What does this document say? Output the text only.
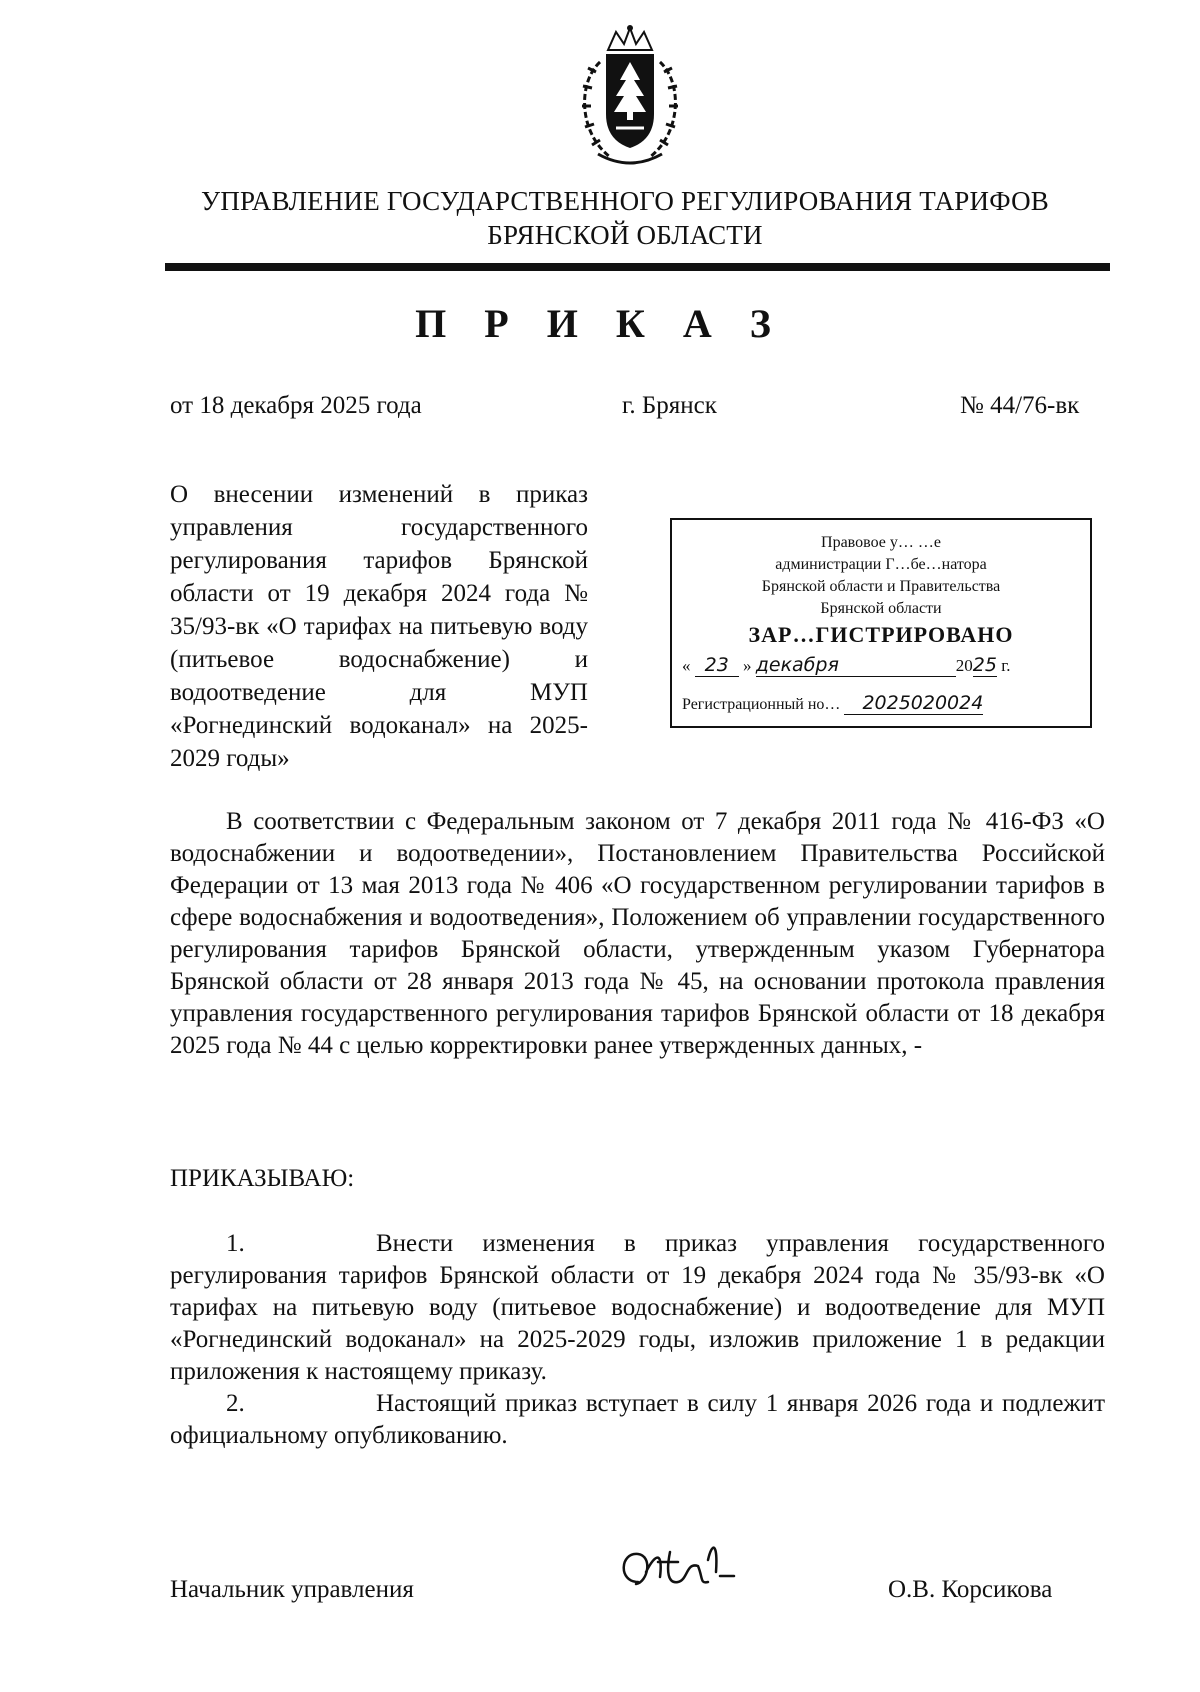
УПРАВЛЕНИЕ ГОСУДАРСТВЕННОГО РЕГУЛИРОВАНИЯ ТАРИФОВ
БРЯНСКОЙ ОБЛАСТИ
П Р И К А З
от 18 декабря 2025 года	г. Брянск	№ 44/76-вк
О внесении изменений в приказ управления государственного регулирования тарифов Брянской области от 19 декабря 2024 года № 35/93-вк «О тарифах на питьевую воду (питьевое водоснабжение) и водоотведение для МУП «Рогнединский водоканал» на 2025-2029 годы»
Правовое у… …е
администрации Г…бе…натора
Брянской области и Правительства
Брянской области
ЗАР…ГИСТРИРОВАНО
« 23 » декабря	2025 г.
Регистрационный но… 2025020024
В соответствии с Федеральным законом от 7 декабря 2011 года № 416-ФЗ «О водоснабжении и водоотведении», Постановлением Правительства Российской Федерации от 13 мая 2013 года № 406 «О государственном регулировании тарифов в сфере водоснабжения и водоотведения», Положением об управлении государственного регулирования тарифов Брянской области, утвержденным указом Губернатора Брянской области от 28 января 2013 года № 45, на основании протокола правления управления государственного регулирования тарифов Брянской области от 18 декабря 2025 года № 44 с целью корректировки ранее утвержденных данных, -
ПРИКАЗЫВАЮ:
1.	Внести изменения в приказ управления государственного регулирования тарифов Брянской области от 19 декабря 2024 года № 35/93-вк «О тарифах на питьевую воду (питьевое водоснабжение) и водоотведение для МУП «Рогнединский водоканал» на 2025-2029 годы, изложив приложение 1 в редакции приложения к настоящему приказу.
2.	Настоящий приказ вступает в силу 1 января 2026 года и подлежит официальному опубликованию.
Начальник управления	О.В. Корсикова
